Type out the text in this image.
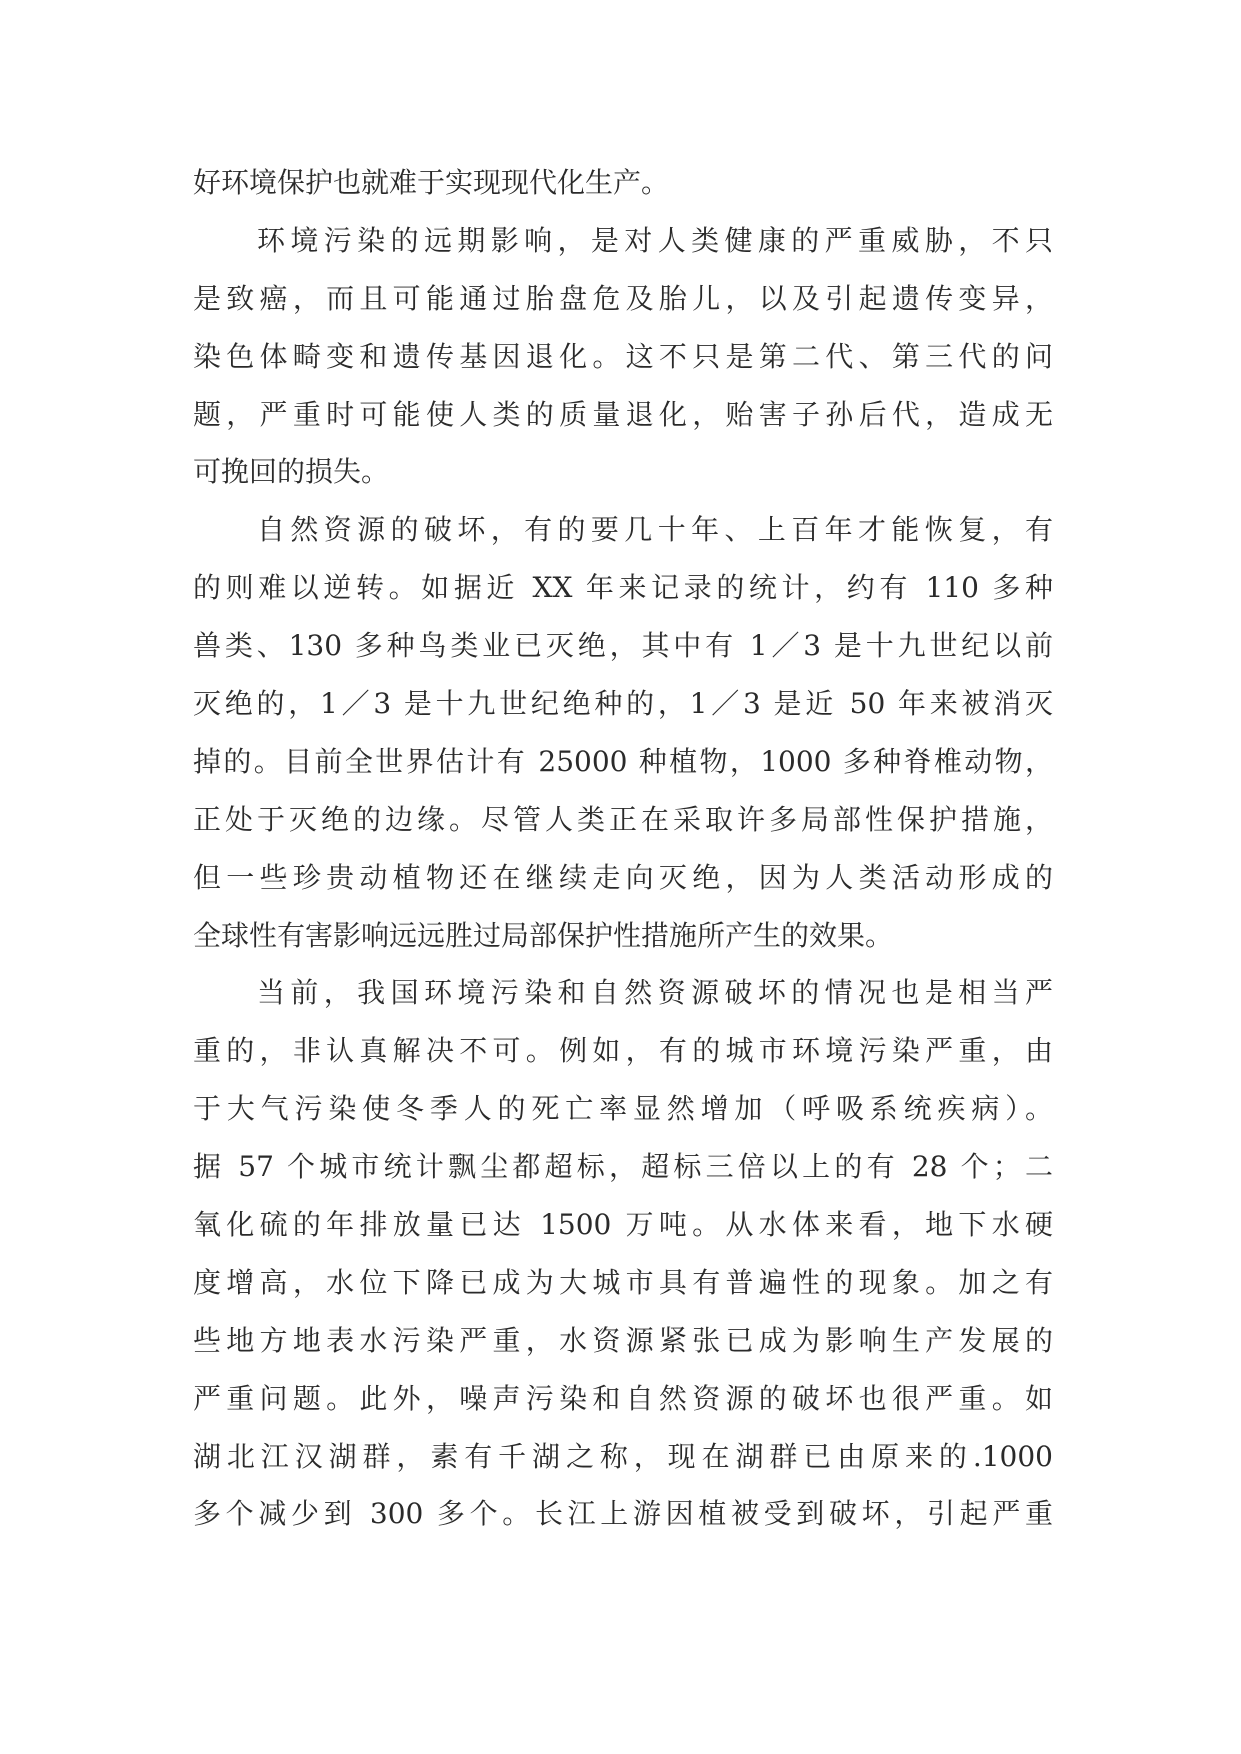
好环境保护也就难于实现现代化生产。
环境污染的远期影响，是对人类健康的严重威胁，不只
是致癌，而且可能通过胎盘危及胎儿，以及引起遗传变异，
染色体畸变和遗传基因退化。这不只是第二代、第三代的问
题，严重时可能使人类的质量退化，贻害子孙后代，造成无
可挽回的损失。
自然资源的破坏，有的要几十年、上百年才能恢复，有
的则难以逆转。如据近 XX 年来记录的统计，约有 110 多种
兽类、130 多种鸟类业已灭绝，其中有 1／3 是十九世纪以前
灭绝的，1／3 是十九世纪绝种的，1／3 是近 50 年来被消灭
掉的。目前全世界估计有 25000 种植物，1000 多种脊椎动物，
正处于灭绝的边缘。尽管人类正在采取许多局部性保护措施，
但一些珍贵动植物还在继续走向灭绝，因为人类活动形成的
全球性有害影响远远胜过局部保护性措施所产生的效果。
当前，我国环境污染和自然资源破坏的情况也是相当严
重的，非认真解决不可。例如，有的城市环境污染严重，由
于大气污染使冬季人的死亡率显然增加（呼吸系统疾病）。
据 57 个城市统计飘尘都超标，超标三倍以上的有 28 个；二
氧化硫的年排放量已达 1500 万吨。从水体来看，地下水硬
度增高，水位下降已成为大城市具有普遍性的现象。加之有
些地方地表水污染严重，水资源紧张已成为影响生产发展的
严重问题。此外，噪声污染和自然资源的破坏也很严重。如
湖北江汉湖群，素有千湖之称，现在湖群已由原来的.1000
多个减少到 300 多个。长江上游因植被受到破坏，引起严重
